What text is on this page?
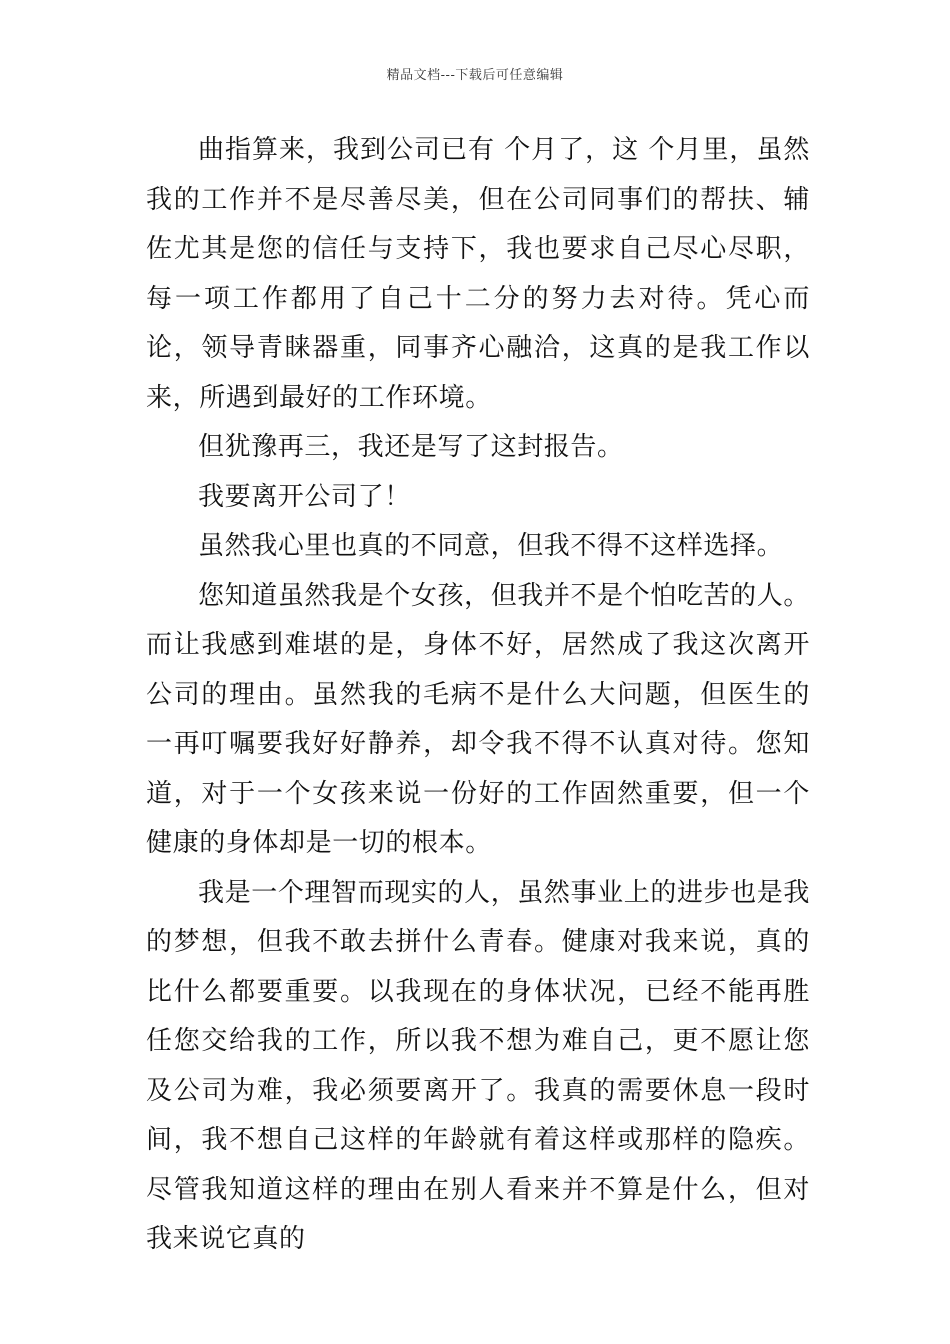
精品文档---下载后可任意编辑

曲指算来，我到公司已有 个月了，这 个月里，虽然我的工作并不是尽善尽美，但在公司同事们的帮扶、辅佐尤其是您的信任与支持下，我也要求自己尽心尽职，每一项工作都用了自己十二分的努力去对待。凭心而论，领导青睐器重，同事齐心融洽，这真的是我工作以来，所遇到最好的工作环境。

但犹豫再三，我还是写了这封报告。

我要离开公司了！

虽然我心里也真的不同意，但我不得不这样选择。

您知道虽然我是个女孩，但我并不是个怕吃苦的人。而让我感到难堪的是，身体不好，居然成了我这次离开公司的理由。虽然我的毛病不是什么大问题，但医生的一再叮嘱要我好好静养，却令我不得不认真对待。您知道，对于一个女孩来说一份好的工作固然重要，但一个健康的身体却是一切的根本。

我是一个理智而现实的人，虽然事业上的进步也是我的梦想，但我不敢去拼什么青春。健康对我来说，真的比什么都要重要。以我现在的身体状况，已经不能再胜任您交给我的工作，所以我不想为难自己，更不愿让您及公司为难，我必须要离开了。我真的需要休息一段时间，我不想自己这样的年龄就有着这样或那样的隐疾。尽管我知道这样的理由在别人看来并不算是什么，但对我来说它真的
